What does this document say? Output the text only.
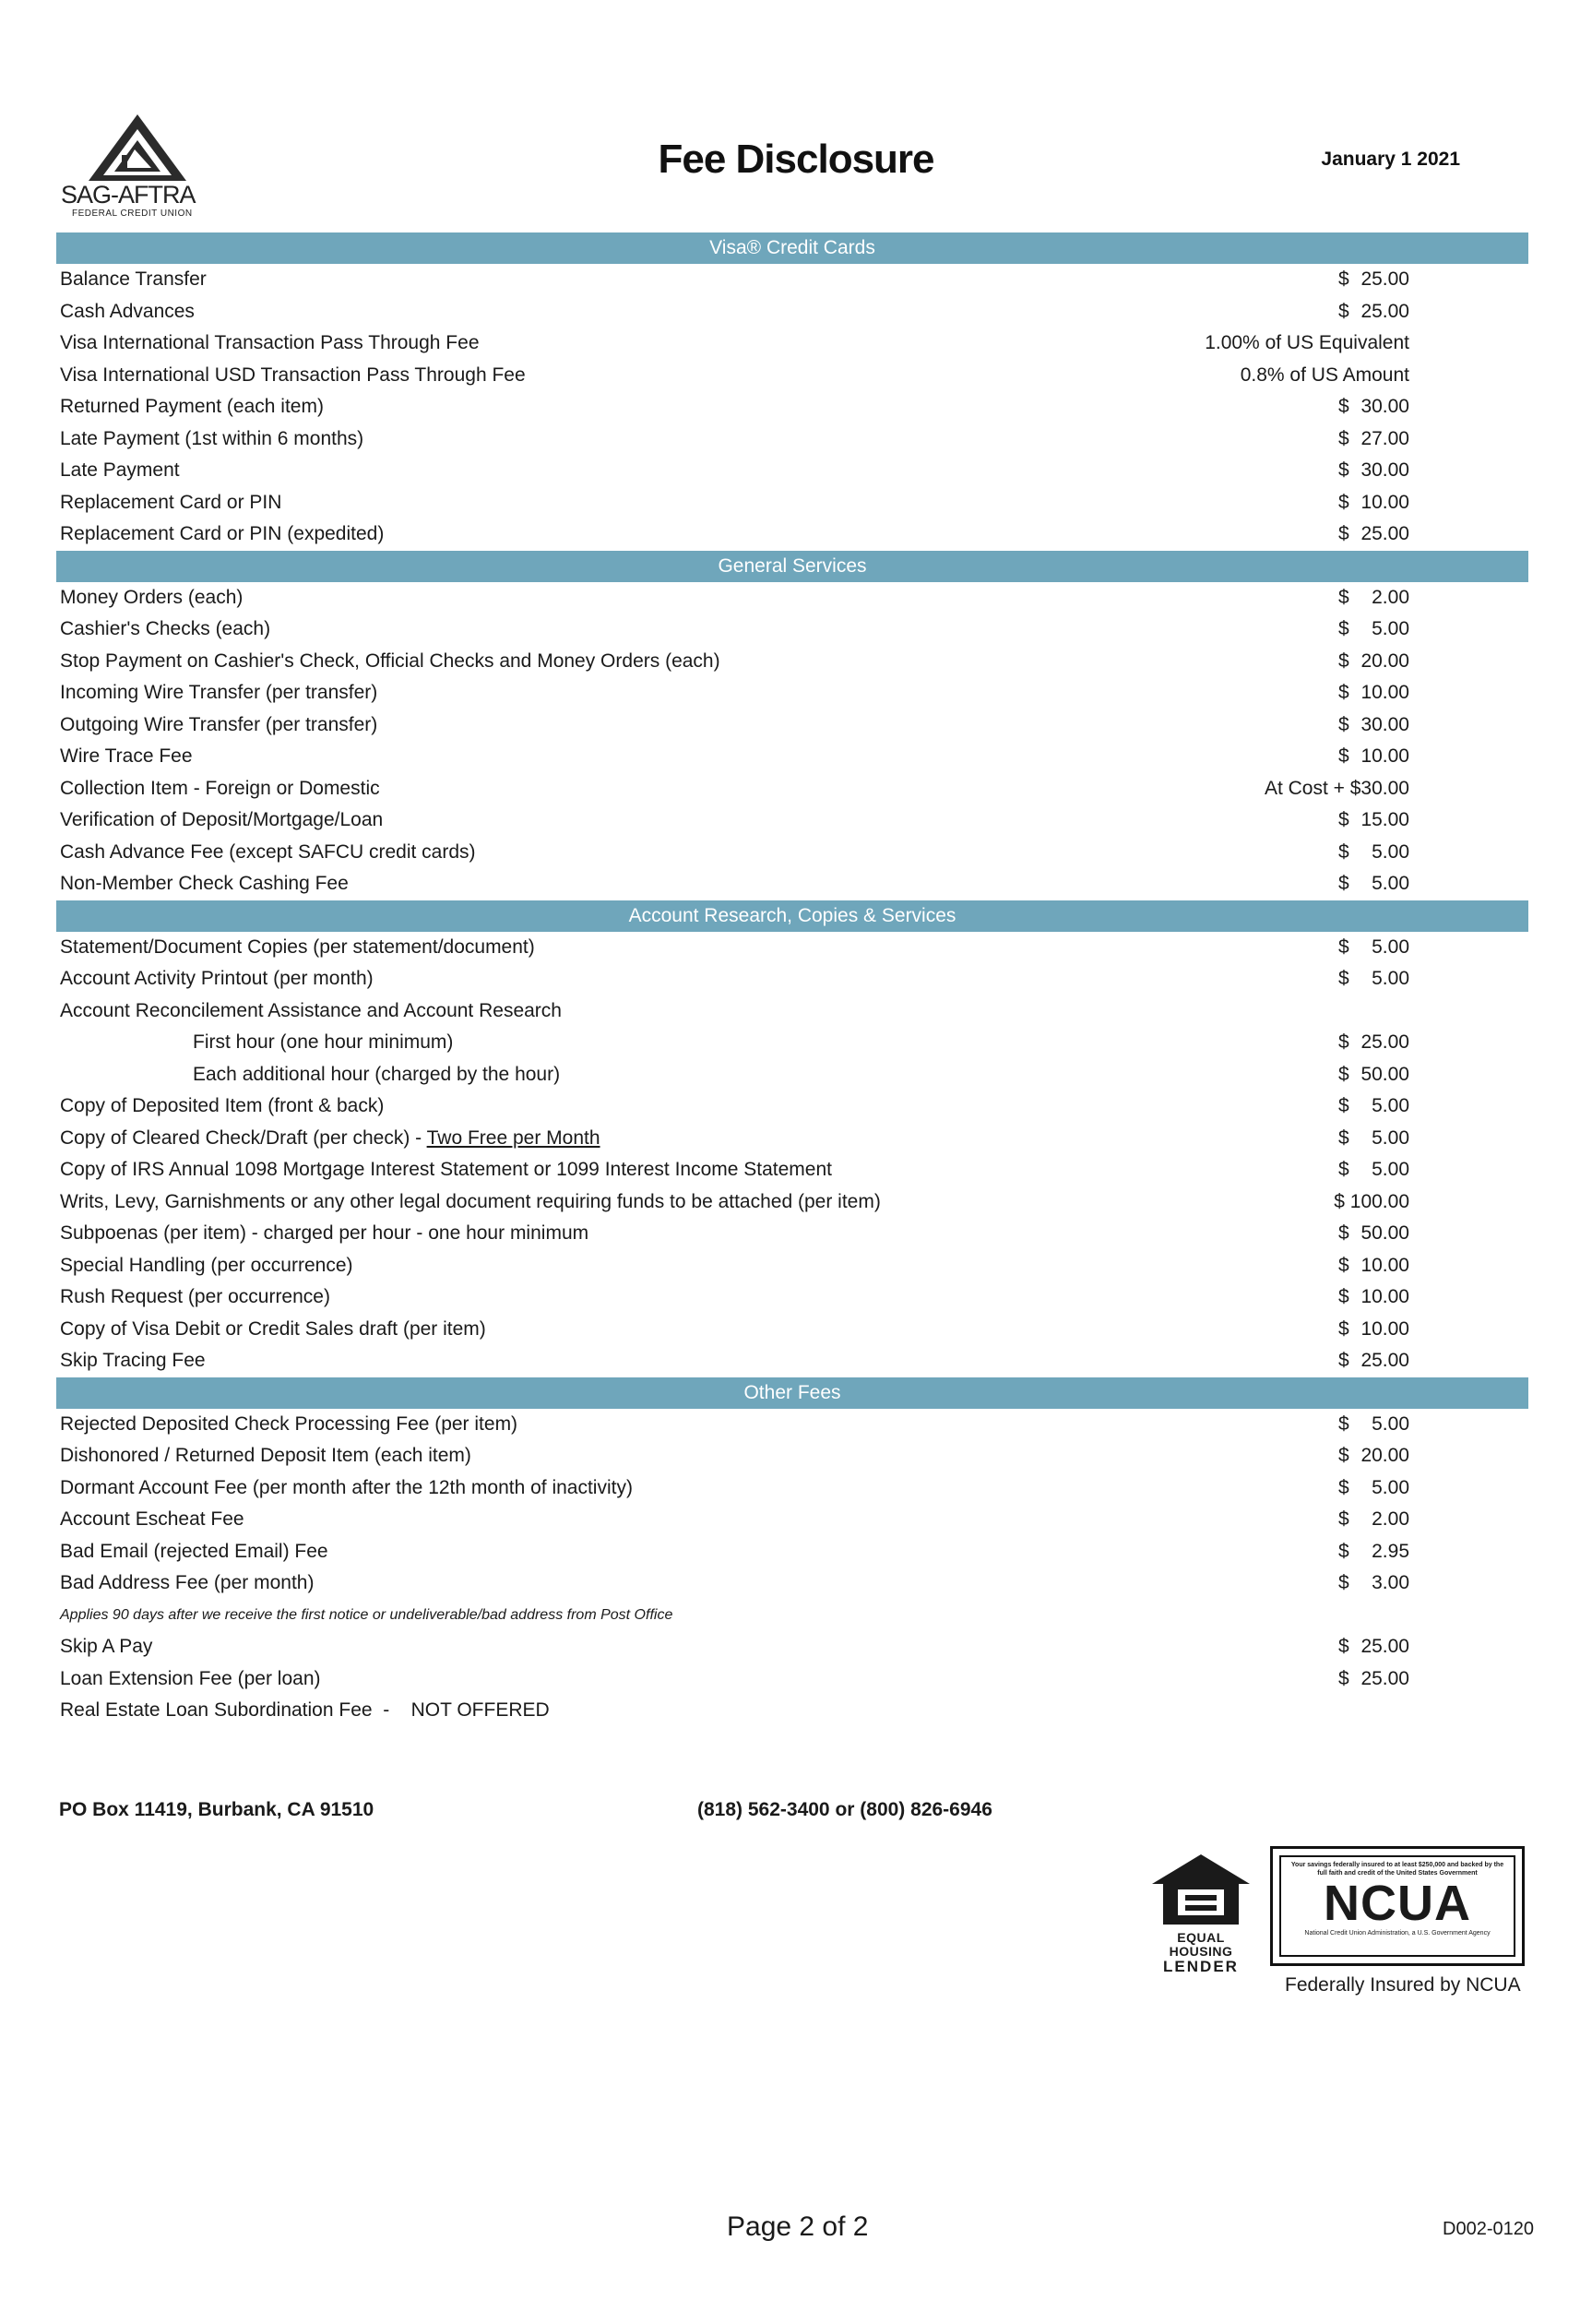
SAG-AFTRA
FEDERAL CREDIT UNION
Fee Disclosure	January 1 2021
Visa® Credit Cards
Balance Transfer	$ 25.00
Cash Advances	$ 25.00
Visa International Transaction Pass Through Fee	1.00% of US Equivalent
Visa International USD Transaction Pass Through Fee	0.8% of US Amount
Returned Payment (each item)	$ 30.00
Late Payment (1st within 6 months)	$ 27.00
Late Payment	$ 30.00
Replacement Card or PIN	$ 10.00
Replacement Card or PIN (expedited)	$ 25.00
General Services
Money Orders (each)	$ 2.00
Cashier's Checks (each)	$ 5.00
Stop Payment on Cashier's Check, Official Checks and Money Orders (each)	$ 20.00
Incoming Wire Transfer (per transfer)	$ 10.00
Outgoing Wire Transfer (per transfer)	$ 30.00
Wire Trace Fee	$ 10.00
Collection Item - Foreign or Domestic	At Cost + $30.00
Verification of Deposit/Mortgage/Loan	$ 15.00
Cash Advance Fee (except SAFCU credit cards)	$ 5.00
Non-Member Check Cashing Fee	$ 5.00
Account Research, Copies & Services
Statement/Document Copies (per statement/document)	$ 5.00
Account Activity Printout (per month)	$ 5.00
Account Reconcilement Assistance and Account Research
First hour (one hour minimum)	$ 25.00
Each additional hour (charged by the hour)	$ 50.00
Copy of Deposited Item (front & back)	$ 5.00
Copy of Cleared Check/Draft (per check) - Two Free per Month	$ 5.00
Copy of IRS Annual 1098 Mortgage Interest Statement or 1099 Interest Income Statement	$ 5.00
Writs, Levy, Garnishments or any other legal document requiring funds to be attached (per item)	$ 100.00
Subpoenas (per item) - charged per hour - one hour minimum	$ 50.00
Special Handling (per occurrence)	$ 10.00
Rush Request (per occurrence)	$ 10.00
Copy of Visa Debit or Credit Sales draft (per item)	$ 10.00
Skip Tracing Fee	$ 25.00
Other Fees
Rejected Deposited Check Processing Fee (per item)	$ 5.00
Dishonored / Returned Deposit Item (each item)	$ 20.00
Dormant Account Fee (per month after the 12th month of inactivity)	$ 5.00
Account Escheat Fee	$ 2.00
Bad Email (rejected Email) Fee	$ 2.95
Bad Address Fee (per month)	$ 3.00
Applies 90 days after we receive the first notice or undeliverable/bad address from Post Office
Skip A Pay	$ 25.00
Loan Extension Fee (per loan)	$ 25.00
Real Estate Loan Subordination Fee  -    NOT OFFERED
PO Box 11419, Burbank, CA 91510	(818) 562-3400 or (800) 826-6946
EQUAL HOUSING
LENDER
Your savings federally insured to at least $250,000 and backed by the full faith and credit of the United States Government
NCUA
National Credit Union Administration, a U.S. Government Agency
Federally Insured by NCUA
Page 2 of 2	D002-0120
